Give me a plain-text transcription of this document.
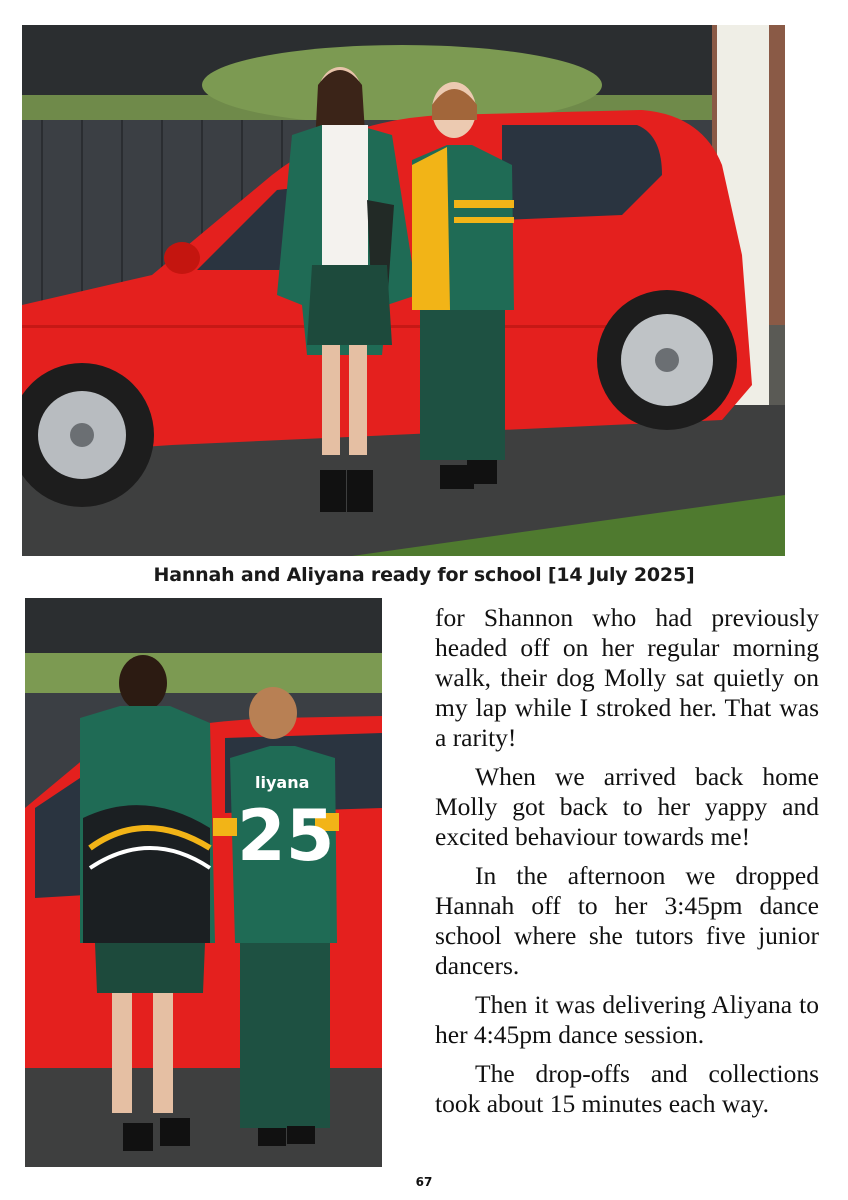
Hannah and Aliyana ready for school [14 July 2025]
liyana
25

for Shannon who had previously headed off on her regular morning walk, their dog Molly sat quietly on my lap while I stroked her. That was a rarity!

When we arrived back home Molly got back to her yappy and excited behaviour towards me!

In the afternoon we dropped Hannah off to her 3:45pm dance school where she tutors five junior dancers.

Then it was delivering Aliyana to her 4:45pm dance session.

The drop-offs and collections took about 15 minutes each way.

67
